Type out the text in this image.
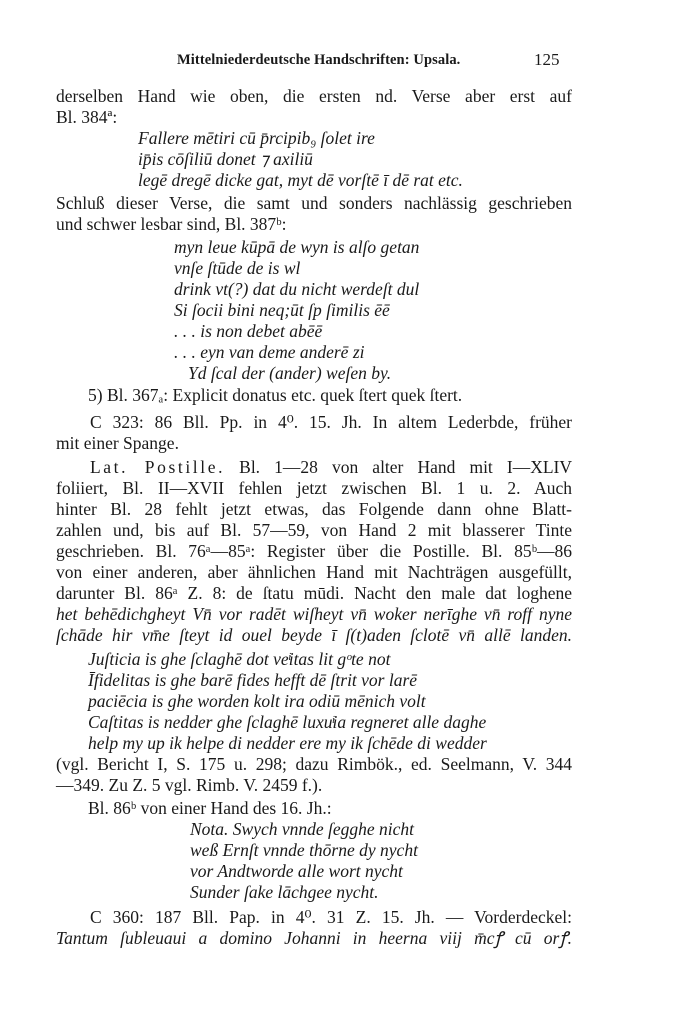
Mittelniederdeutsche Handschriften: Upsala.	125
derselben Hand wie oben, die ersten nd. Verse aber erst auf
Bl. 384ª:
Fallere mētiri cū p̄rcipib₉ ſolet ire
ip̄is cōſiliū donet ⁊ axiliū
legē dregē dicke gat, myt dē vorſtē ī dē rat etc.
Schluß dieser Verse, die samt und sonders nachlässig geschrieben
und schwer lesbar sind, Bl. 387ᵇ:
myn leue kūpā de wyn is alſo getan
vnſe ſtūde de is wl
drink vt(?) dat du nicht werdeſt dul
Si ſocii bini neq;ūt ſp ſimilis ēē
. . . is non debet abēē
. . . eyn van deme anderē zi
Yd ſcal der (ander) weſen by.
5) Bl. 367ₐ: Explicit donatus etc. quek ſtert quek ſtert.
C 323: 86 Bll. Pp. in 4⁰. 15. Jh. In altem Lederbde, früher
mit einer Spange.
Lat. Postille. Bl. 1—28 von alter Hand mit I—XLIV
foliiert, Bl. II—XVII fehlen jetzt zwischen Bl. 1 u. 2. Auch
hinter Bl. 28 fehlt jetzt etwas, das Folgende dann ohne Blatt-
zahlen und, bis auf Bl. 57—59, von Hand 2 mit blasserer Tinte
geschrieben. Bl. 76ᵃ—85ᵃ: Register über die Postille. Bl. 85ᵇ—86
von einer anderen, aber ähnlichen Hand mit Nachträgen ausgefüllt,
darunter Bl. 86ᵃ Z. 8: de ſtatu mūdi. Nacht den male dat loghene
het behēdichgheyt Vn̄ vor radēt wiſheyt vn̄ woker nerīghe vn̄ roff nyne
ſchāde hir vm̄e ſteyt id ouel beyde ī ſ(t)aden ſclotē vn̄ allē landen.
Juſticia is ghe ſclaghē dot veͥitas lit gᵒte not
Īfidelitas is ghe barē fides hefft dē ſtrit vor larē
paciēcia is ghe worden kolt ira odiū mēnich volt
Caſtitas is nedder ghe ſclaghē luxuͥia regneret alle daghe
help my up ik helpe di nedder ere my ik ſchēde di wedder
(vgl. Bericht I, S. 175 u. 298; dazu Rimbök., ed. Seelmann, V. 344
—349. Zu Z. 5 vgl. Rimb. V. 2459 f.).
Bl. 86ᵇ von einer Hand des 16. Jh.:
Nota. Swych vnnde ſegghe nicht
weß Ernſt vnnde thōrne dy nycht
vor Andtworde alle wort nycht
Sunder ſake lāchgee nycht.
C 360: 187 Bll. Pap. in 4⁰. 31 Z. 15. Jh. — Vorderdeckel:
Tantum ſubleuaui a domino Johanni in heerna viij m̄cꝭ cū orꝭ.
